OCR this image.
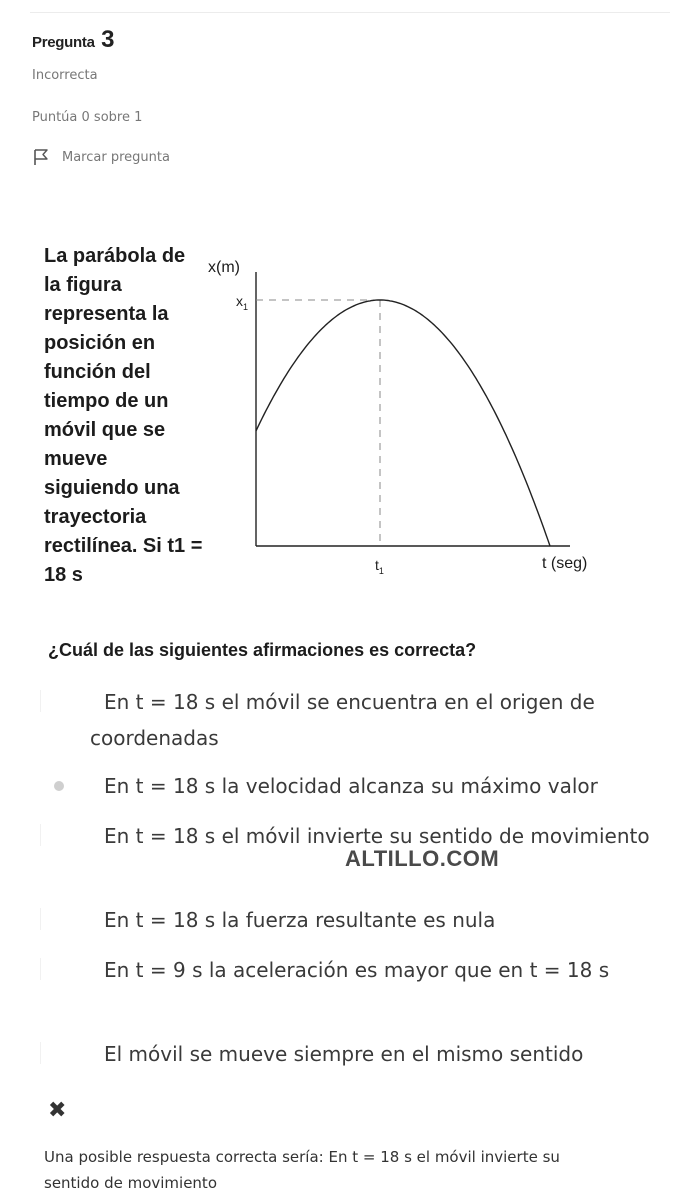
Pregunta 3
Incorrecta
Puntúa 0 sobre 1
Marcar pregunta
La parábola de la figura representa la posición en función del tiempo de un móvil que se mueve siguiendo una trayectoria rectilínea. Si t1 = 18 s
x(m)
$x_1$
$t_1$	t (seg)
¿Cuál de las siguientes afirmaciones es correcta?
En t = 18 s el móvil se encuentra en el origen de coordenadas
En t = 18 s la velocidad alcanza su máximo valor
En t = 18 s el móvil invierte su sentido de movimiento
En t = 18 s la fuerza resultante es nula
En t = 9 s la aceleración es mayor que en t = 18 s
El móvil se mueve siempre en el mismo sentido
ALTILLO.COM
✖
Una posible respuesta correcta sería: En t = 18 s el móvil invierte su sentido de movimiento
